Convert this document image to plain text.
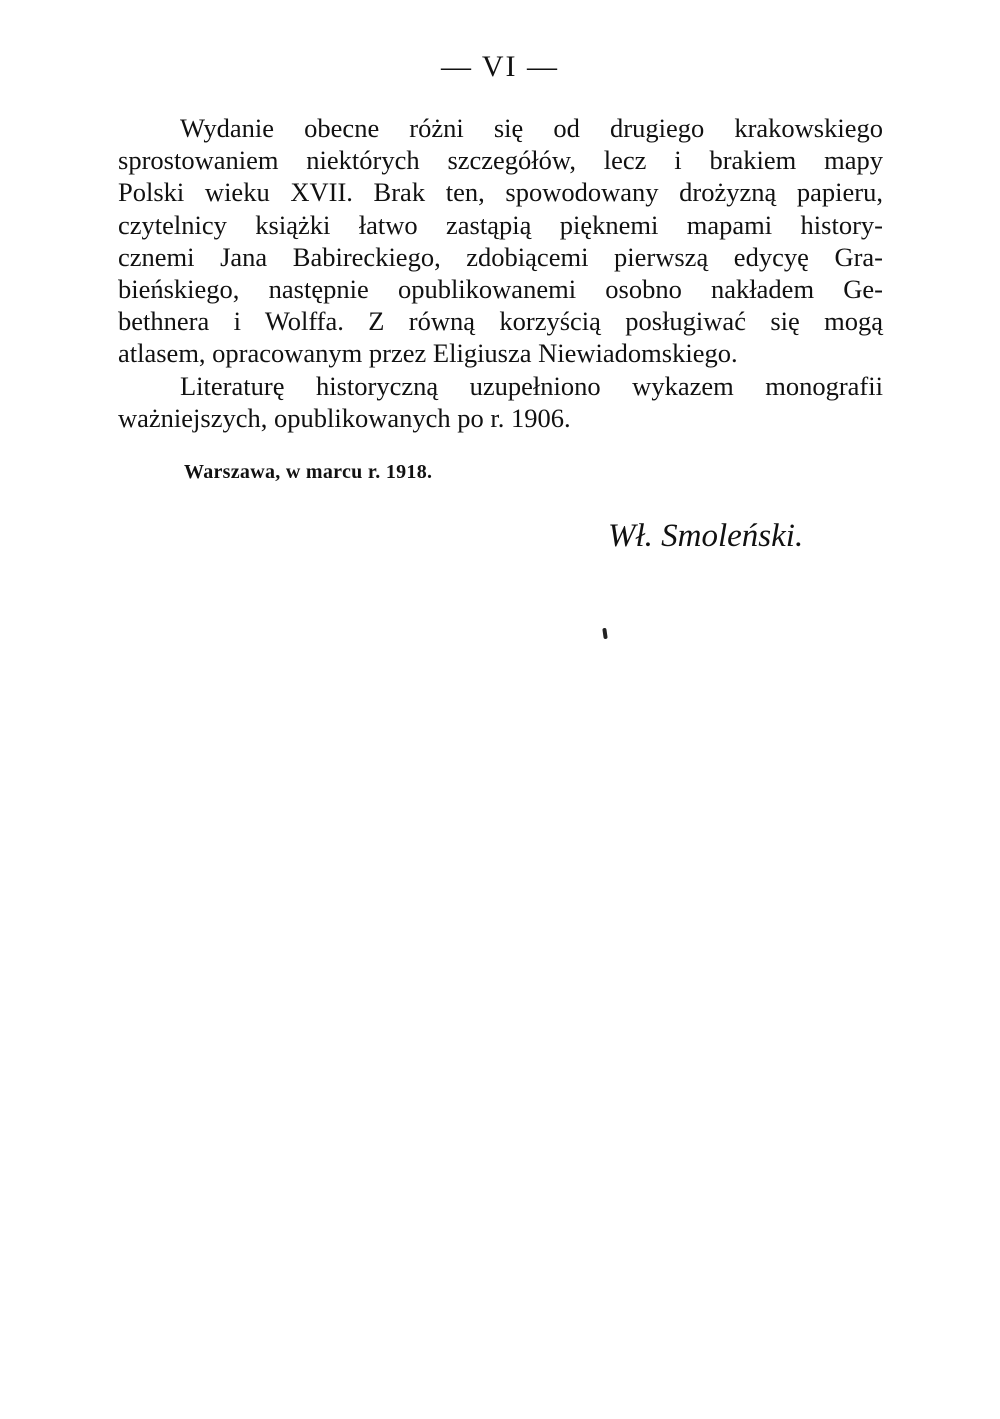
— VI —
Wydanie obecne różni się od drugiego krakowskiego
sprostowaniem niektórych szczegółów, lecz i brakiem mapy
Polski wieku XVII. Brak ten, spowodowany drożyzną papieru,
czytelnicy książki łatwo zastąpią pięknemi mapami history-
cznemi Jana Babireckiego, zdobiącemi pierwszą edycyę Gra-
bieńskiego, następnie opublikowanemi osobno nakładem Ge-
bethnera i Wolffa. Z równą korzyścią posługiwać się mogą
atlasem, opracowanym przez Eligiusza Niewiadomskiego.
Literaturę historyczną uzupełniono wykazem monografii
ważniejszych, opublikowanych po r. 1906.
Warszawa, w marcu r. 1918.
Wł. Smoleński.
